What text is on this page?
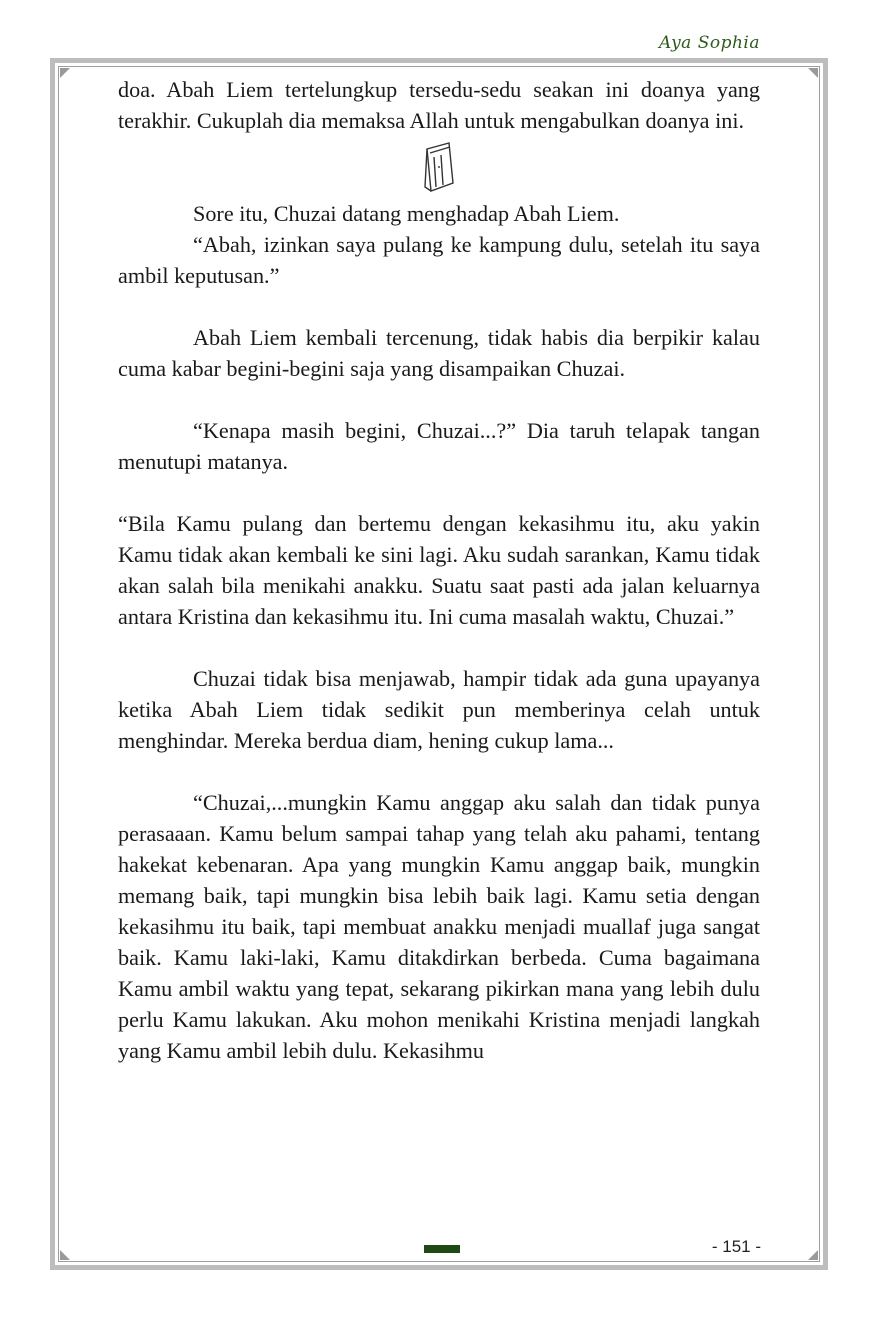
Aya Sophia

doa. Abah Liem tertelungkup tersedu-sedu seakan ini doanya yang terakhir. Cukuplah dia memaksa Allah untuk mengabulkan doanya ini.

Sore itu, Chuzai datang menghadap Abah Liem.

“Abah, izinkan saya pulang ke kampung dulu, setelah itu saya ambil keputusan.”

Abah Liem kembali tercenung, tidak habis dia berpikir kalau cuma kabar begini-begini saja yang disampaikan Chuzai.

“Kenapa masih begini, Chuzai...?” Dia taruh telapak tangan menutupi matanya.

“Bila Kamu pulang dan bertemu dengan kekasihmu itu, aku yakin Kamu tidak akan kembali ke sini lagi. Aku sudah sarankan, Kamu tidak akan salah bila menikahi anakku. Suatu saat pasti ada jalan keluarnya antara Kristina dan kekasihmu itu. Ini cuma masalah waktu, Chuzai.”

Chuzai tidak bisa menjawab, hampir tidak ada guna upayanya ketika Abah Liem tidak sedikit pun memberinya celah untuk menghindar. Mereka berdua diam, hening cukup lama...

“Chuzai,...mungkin Kamu anggap aku salah dan tidak punya perasaaan. Kamu belum sampai tahap yang telah aku pahami, tentang hakekat kebenaran. Apa yang mungkin Kamu anggap baik, mungkin memang baik, tapi mungkin bisa lebih baik lagi. Kamu setia dengan kekasihmu itu baik, tapi membuat anakku menjadi muallaf juga sangat baik. Kamu laki-laki, Kamu ditakdirkan berbeda. Cuma bagaimana Kamu ambil waktu yang tepat, sekarang pikirkan mana yang lebih dulu perlu Kamu lakukan. Aku mohon menikahi Kristina menjadi langkah yang Kamu ambil lebih dulu. Kekasihmu

- 151 -
